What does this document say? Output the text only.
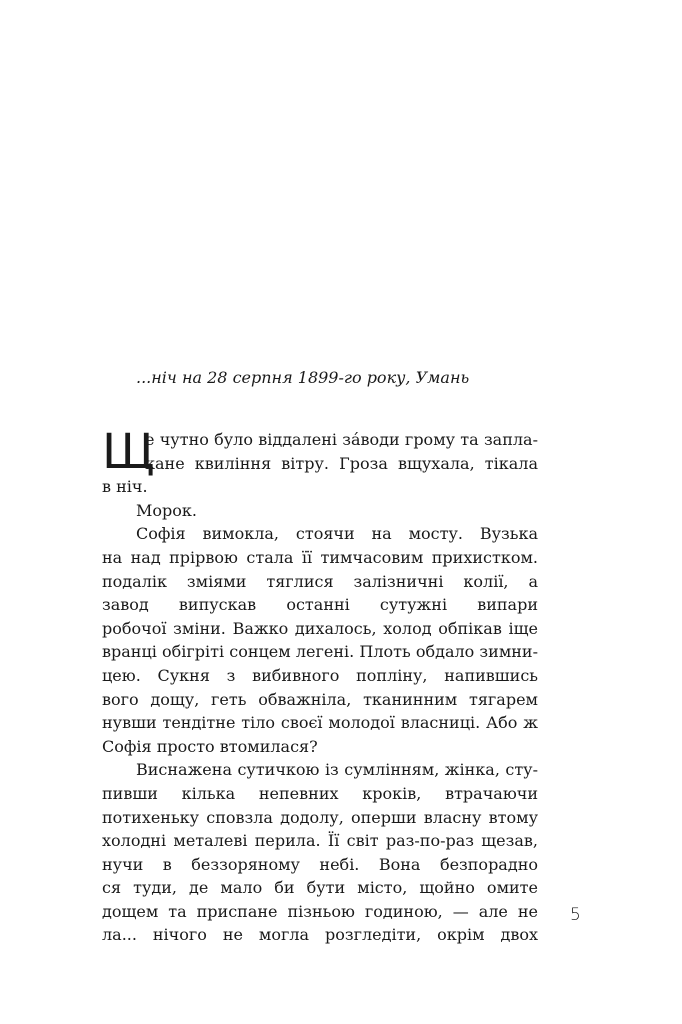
...ніч на 28 серпня 1899-го року, Умань
Щ
е чутно було віддалені за́води грому та запла-
кане квиління вітру. Гроза вщухала, тікала
в ніч.
Морок.
Софія вимокла, стоячи на мосту. Вузька
на над прірвою стала її тимчасовим прихистком.
подалік зміями тяглися залізничні колії, а
завод випускав останні сутужні випари
робочої зміни. Важко дихалось, холод обпікав іще
вранці обігріті сонцем легені. Плоть обдало зимни-
цею. Сукня з вибивного попліну, напившись
вого дощу, геть обважніла, тканинним тягарем
нувши тендітне тіло своєї молодої власниці. Або ж
Софія просто втомилася?
Виснажена сутичкою із сумлінням, жінка, сту-
пивши кілька непевних кроків, втрачаючи
потихеньку сповзла додолу, оперши власну втому
холодні металеві перила. Її світ раз-по-раз щезав,
нучи в беззоряному небі. Вона безпорадно
ся туди, де мало би бути місто, щойно омите
дощем та приспане пізньою годиною, — але не
ла... нічого не могла розгледіти, окрім двох
5
